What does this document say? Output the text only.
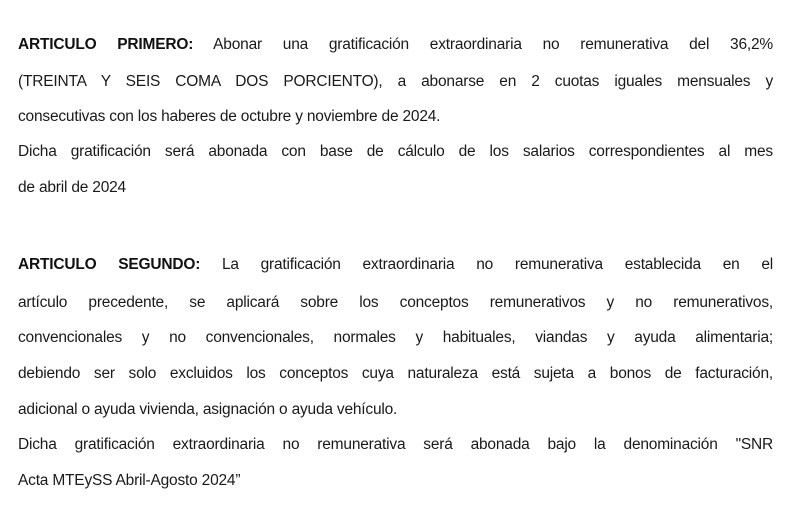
ARTICULO PRIMERO: Abonar una gratificación extraordinaria no remunerativa del 36,2%
(TREINTA Y SEIS COMA DOS PORCIENTO), a abonarse en 2 cuotas iguales mensuales y
consecutivas con los haberes de octubre y noviembre de 2024.
Dicha gratificación será abonada con base de cálculo de los salarios correspondientes al mes
de abril de 2024
ARTICULO SEGUNDO: La gratificación extraordinaria no remunerativa establecida en el
artículo precedente, se aplicará sobre los conceptos remunerativos y no remunerativos,
convencionales y no convencionales, normales y habituales, viandas y ayuda alimentaria;
debiendo ser solo excluidos los conceptos cuya naturaleza está sujeta a bonos de facturación,
adicional o ayuda vivienda, asignación o ayuda vehículo.
Dicha gratificación extraordinaria no remunerativa será abonada bajo la denominación "SNR
Acta MTEySS Abril-Agosto 2024”
